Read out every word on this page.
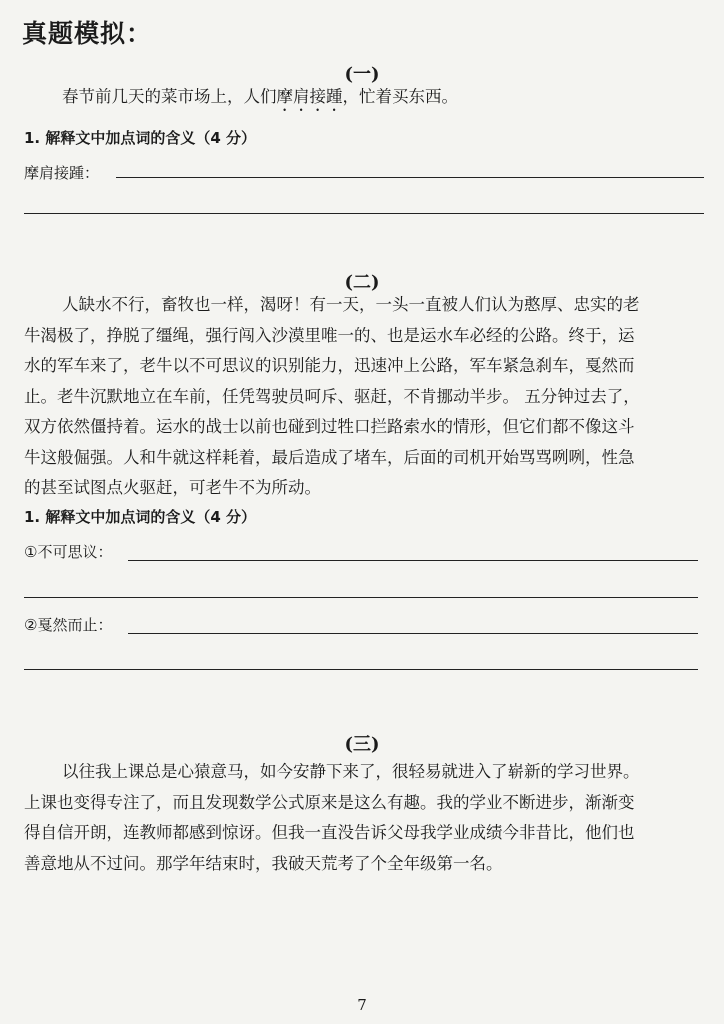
真题模拟：
(一)
春节前几天的菜市场上，人们摩肩接踵，忙着买东西。
1. 解释文中加点词的含义（4 分）
摩肩接踵：
(二)
人缺水不行，畜牧也一样，渴呀！有一天，一头一直被人们认为憨厚、忠实的老
牛渴极了，挣脱了缰绳，强行闯入沙漠里唯一的、也是运水车必经的公路。终于，运
水的军车来了，老牛以不可思议的识别能力，迅速冲上公路，军车紧急刹车，戛然而
止。老牛沉默地立在车前，任凭驾驶员呵斥、驱赶，不肯挪动半步。 五分钟过去了，
双方依然僵持着。运水的战士以前也碰到过牲口拦路索水的情形，但它们都不像这斗
牛这般倔强。人和牛就这样耗着，最后造成了堵车，后面的司机开始骂骂咧咧，性急
的甚至试图点火驱赶，可老牛不为所动。
1. 解释文中加点词的含义（4 分）
①不可思议：
②戛然而止：
(三)
以往我上课总是心猿意马，如今安静下来了，很轻易就进入了崭新的学习世界。
上课也变得专注了，而且发现数学公式原来是这么有趣。我的学业不断进步，渐渐变
得自信开朗，连教师都感到惊讶。但我一直没告诉父母我学业成绩今非昔比，他们也
善意地从不过问。那学年结束时，我破天荒考了个全年级第一名。
7
